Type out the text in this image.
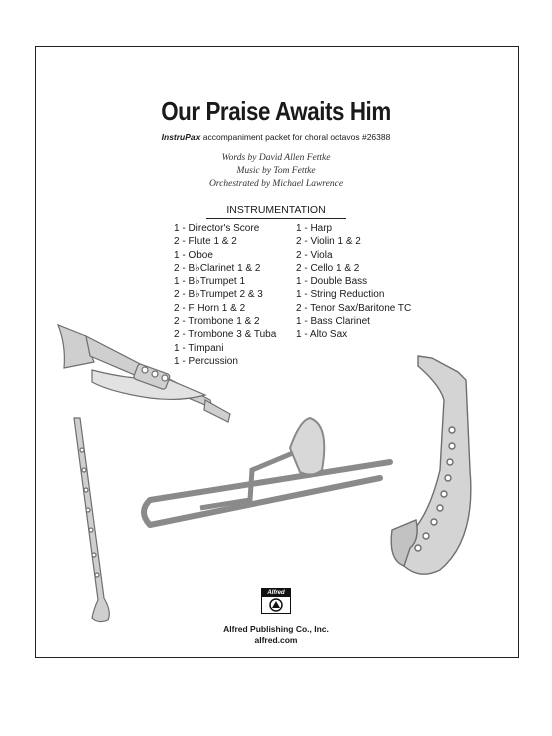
Our Praise Awaits Him
InstruPax accompaniment packet for choral octavos #26388
Words by David Allen Fettke
Music by Tom Fettke
Orchestrated by Michael Lawrence
INSTRUMENTATION
1 - Director's Score
2 - Flute 1 & 2
1 - Oboe
2 - B♭Clarinet 1 & 2
1 - B♭Trumpet 1
2 - B♭Trumpet 2 & 3
2 - F Horn 1 & 2
2 - Trombone 1 & 2
2 - Trombone 3 & Tuba
1 - Timpani
1 - Percussion
1 - Harp
2 - Violin 1 & 2
2 - Viola
2 - Cello 1 & 2
1 - Double Bass
1 - String Reduction
2 - Tenor Sax/Baritone TC
1 - Bass Clarinet
1 - Alto Sax
Alfred
Alfred Publishing Co., Inc.
alfred.com
